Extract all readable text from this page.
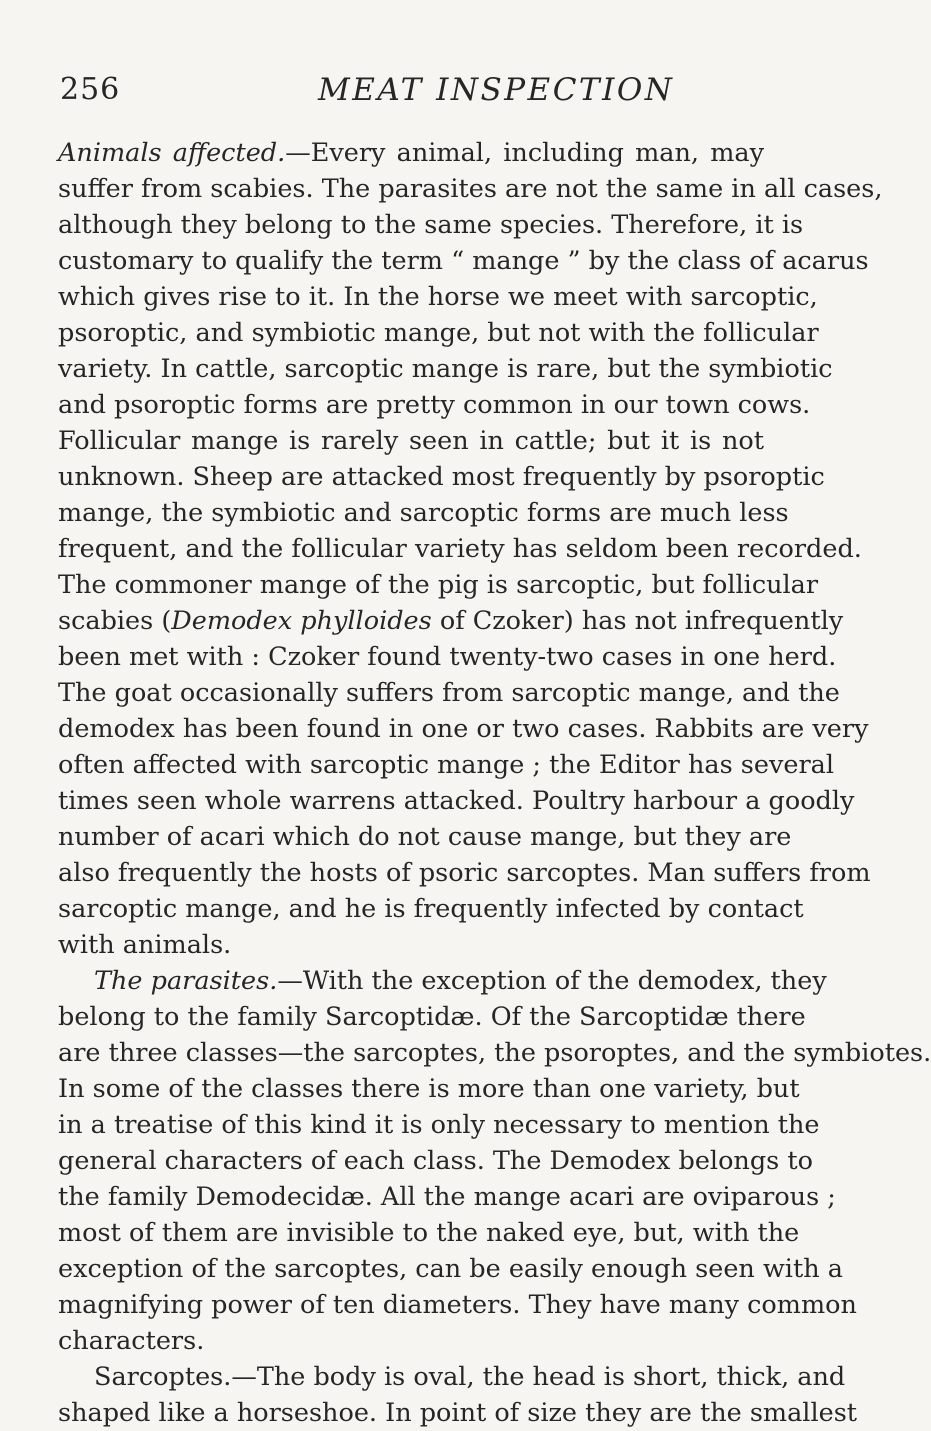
256	MEAT INSPECTION
Animals affected.—Every animal, including man, may
suffer from scabies. The parasites are not the same in all cases,
although they belong to the same species. Therefore, it is
customary to qualify the term “ mange ” by the class of acarus
which gives rise to it. In the horse we meet with sarcoptic,
psoroptic, and symbiotic mange, but not with the follicular
variety. In cattle, sarcoptic mange is rare, but the symbiotic
and psoroptic forms are pretty common in our town cows.
Follicular mange is rarely seen in cattle; but it is not
unknown. Sheep are attacked most frequently by psoroptic
mange, the symbiotic and sarcoptic forms are much less
frequent, and the follicular variety has seldom been recorded.
The commoner mange of the pig is sarcoptic, but follicular
scabies (Demodex phylloides of Czoker) has not infrequently
been met with : Czoker found twenty-two cases in one herd.
The goat occasionally suffers from sarcoptic mange, and the
demodex has been found in one or two cases. Rabbits are very
often affected with sarcoptic mange ; the Editor has several
times seen whole warrens attacked. Poultry harbour a goodly
number of acari which do not cause mange, but they are
also frequently the hosts of psoric sarcoptes. Man suffers from
sarcoptic mange, and he is frequently infected by contact
with animals.
The parasites.—With the exception of the demodex, they
belong to the family Sarcoptidæ. Of the Sarcoptidæ there
are three classes—the sarcoptes, the psoroptes, and the symbiotes.
In some of the classes there is more than one variety, but
in a treatise of this kind it is only necessary to mention the
general characters of each class. The Demodex belongs to
the family Demodecidæ. All the mange acari are oviparous ;
most of them are invisible to the naked eye, but, with the
exception of the sarcoptes, can be easily enough seen with a
magnifying power of ten diameters. They have many common
characters.
Sarcoptes.—The body is oval, the head is short, thick, and
shaped like a horseshoe. In point of size they are the smallest
